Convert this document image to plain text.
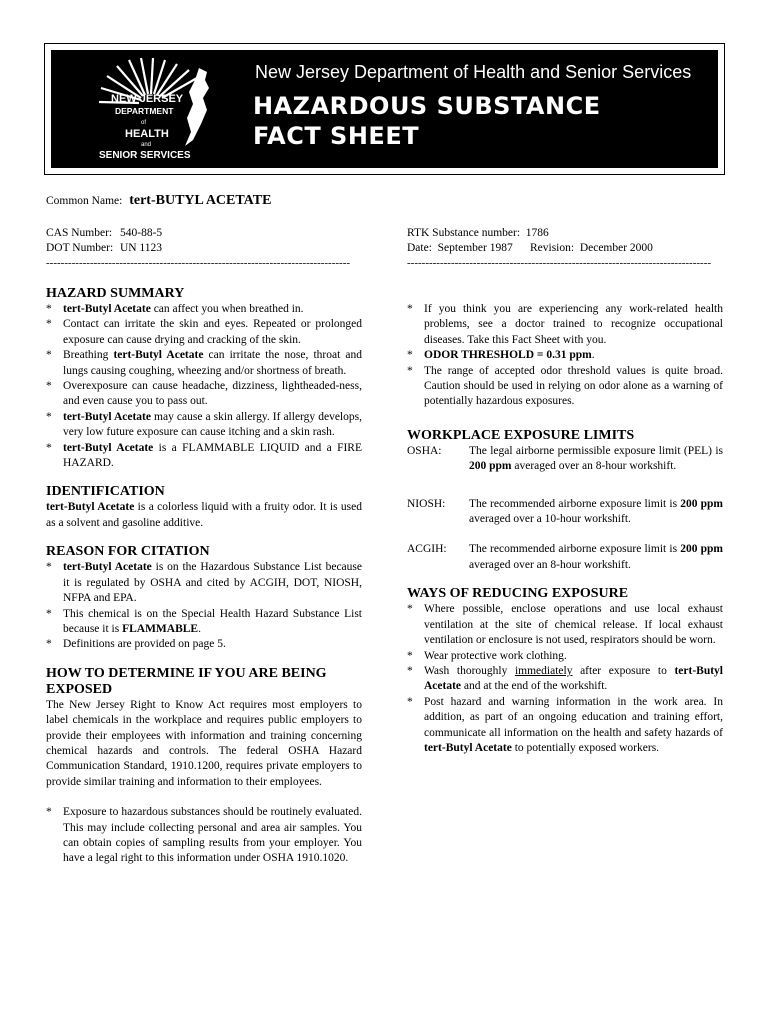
NEW JERSEY
DEPARTMENT
of
HEALTH
and
SENIOR SERVICES
New Jersey Department of Health and Senior Services
HAZARDOUS SUBSTANCE
FACT SHEET
Common Name: tert-BUTYL ACETATE
CAS Number: 540-88-5
DOT Number: UN 1123
-----------------------------------------------------------------------------------
RTK Substance number: 1786
Date: September 1987 Revision: December 2000
-----------------------------------------------------------------------------------
HAZARD SUMMARY
* tert-Butyl Acetate can affect you when breathed in.
* Contact can irritate the skin and eyes. Repeated or prolonged exposure can cause drying and cracking of the skin.
* Breathing tert-Butyl Acetate can irritate the nose, throat and lungs causing coughing, wheezing and/or shortness of breath.
* Overexposure can cause headache, dizziness, lightheaded-ness, and even cause you to pass out.
* tert-Butyl Acetate may cause a skin allergy. If allergy develops, very low future exposure can cause itching and a skin rash.
* tert-Butyl Acetate is a FLAMMABLE LIQUID and a FIRE HAZARD.
IDENTIFICATION

tert-Butyl Acetate is a colorless liquid with a fruity odor. It is used as a solvent and gasoline additive.

REASON FOR CITATION
* tert-Butyl Acetate is on the Hazardous Substance List because it is regulated by OSHA and cited by ACGIH, DOT, NIOSH, NFPA and EPA.
* This chemical is on the Special Health Hazard Substance List because it is FLAMMABLE.
* Definitions are provided on page 5.
HOW TO DETERMINE IF YOU ARE BEING
EXPOSED

The New Jersey Right to Know Act requires most employers to label chemicals in the workplace and requires public employers to provide their employees with information and training concerning chemical hazards and controls. The federal OSHA Hazard Communication Standard, 1910.1200, requires private employers to provide similar training and information to their employees.

* Exposure to hazardous substances should be routinely evaluated. This may include collecting personal and area air samples. You can obtain copies of sampling results from your employer. You have a legal right to this information under OSHA 1910.1020.
* If you think you are experiencing any work-related health problems, see a doctor trained to recognize occupational diseases. Take this Fact Sheet with you.
* ODOR THRESHOLD = 0.31 ppm.
* The range of accepted odor threshold values is quite broad. Caution should be used in relying on odor alone as a warning of potentially hazardous exposures.
WORKPLACE EXPOSURE LIMITS
OSHA:	The legal airborne permissible exposure limit (PEL) is 200 ppm averaged over an 8-hour workshift.
NIOSH:	The recommended airborne exposure limit is 200 ppm averaged over a 10-hour workshift.
ACGIH:	The recommended airborne exposure limit is 200 ppm averaged over an 8-hour workshift.
WAYS OF REDUCING EXPOSURE
* Where possible, enclose operations and use local exhaust ventilation at the site of chemical release. If local exhaust ventilation or enclosure is not used, respirators should be worn.
* Wear protective work clothing.
* Wash thoroughly immediately after exposure to tert-Butyl Acetate and at the end of the workshift.
* Post hazard and warning information in the work area. In addition, as part of an ongoing education and training effort, communicate all information on the health and safety hazards of tert-Butyl Acetate to potentially exposed workers.
